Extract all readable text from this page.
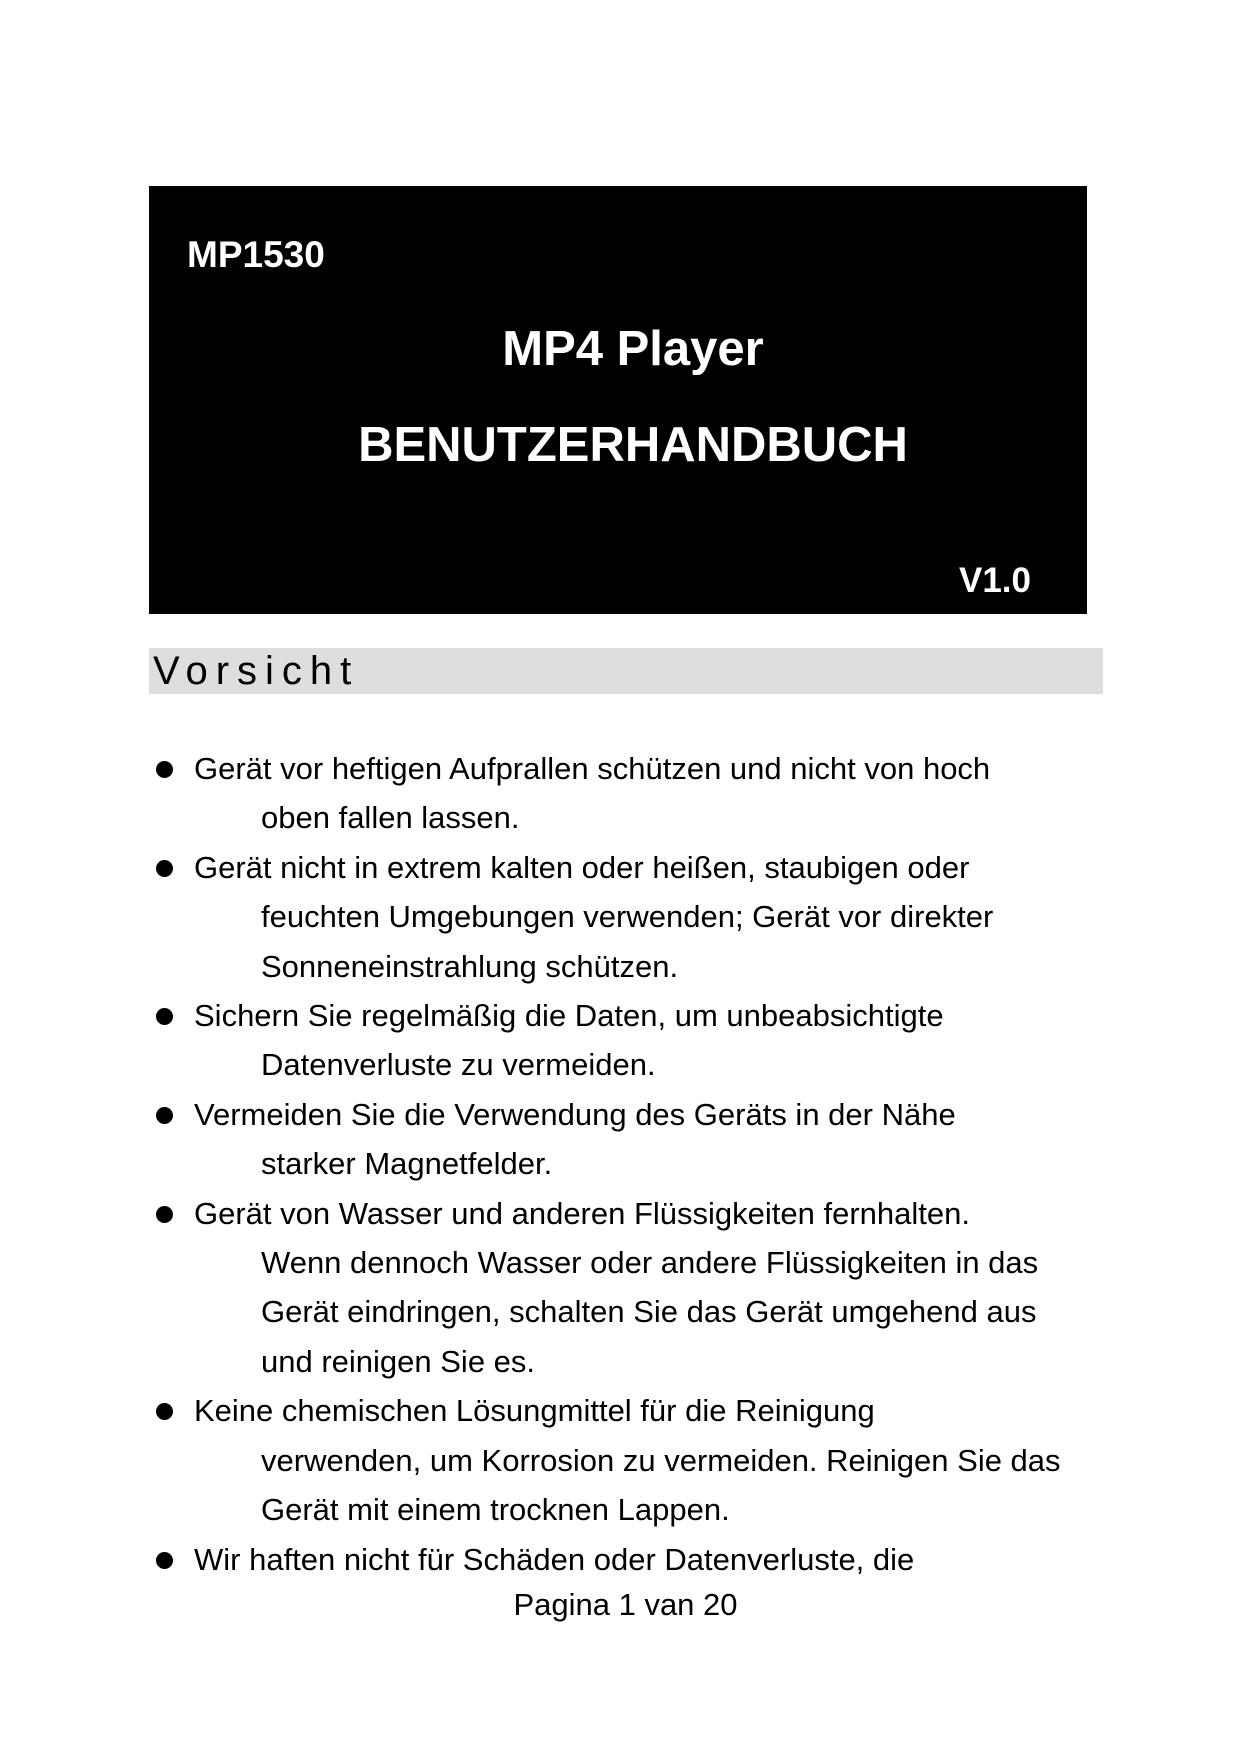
MP1530
MP4 Player
BENUTZERHANDBUCH
V1.0
Vorsicht
Gerät vor heftigen Aufprallen schützen und nicht von hoch
oben fallen lassen.
Gerät nicht in extrem kalten oder heißen, staubigen oder
feuchten Umgebungen verwenden; Gerät vor direkter
Sonneneinstrahlung schützen.
Sichern Sie regelmäßig die Daten, um unbeabsichtigte
Datenverluste zu vermeiden.
Vermeiden Sie die Verwendung des Geräts in der Nähe
starker Magnetfelder.
Gerät von Wasser und anderen Flüssigkeiten fernhalten.
Wenn dennoch Wasser oder andere Flüssigkeiten in das
Gerät eindringen, schalten Sie das Gerät umgehend aus
und reinigen Sie es.
Keine chemischen Lösungmittel für die Reinigung
verwenden, um Korrosion zu vermeiden. Reinigen Sie das
Gerät mit einem trocknen Lappen.
Wir haften nicht für Schäden oder Datenverluste, die
Pagina 1 van 20
